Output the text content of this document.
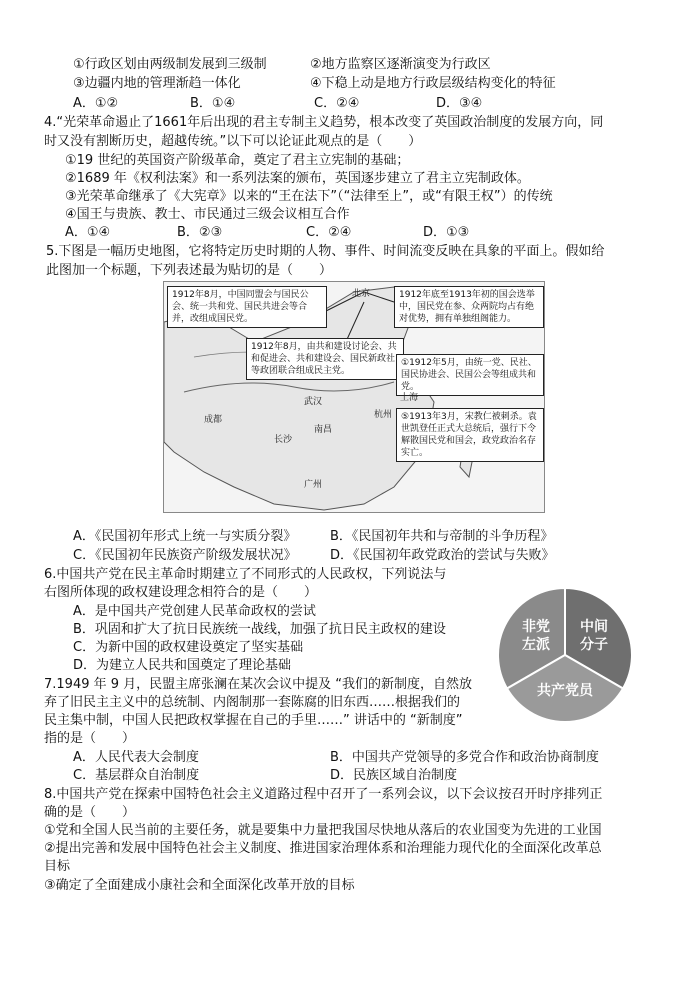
①行政区划由两级制发展到三级制	②地方监察区逐渐演变为行政区
③边疆内地的管理渐趋一体化	④下稳上动是地方行政层级结构变化的特征
A．①②	B．①④	C．②④	D．③④
4.“光荣革命遏止了1661年后出现的君主专制主义趋势，根本改变了英国政治制度的发展方向，同
时又没有割断历史，超越传统。”以下可以论证此观点的是（　　）
①19 世纪的英国资产阶级革命，奠定了君主立宪制的基础；
②1689 年《权利法案》和一系列法案的颁布，英国逐步建立了君主立宪制政体。
③光荣革命继承了《大宪章》以来的“王在法下”（“法律至上”，或“有限王权”）的传统
④国王与贵族、教士、市民通过三级会议相互合作
A．①④	B．②③	C．②④	D．①③
5.下图是一幅历史地图，它将特定历史时期的人物、事件、时间流变反映在具象的平面上。假如给
此图加一个标题，下列表述最为贴切的是（　　）
1912年8月，中国同盟会与国民公会、统一共和党、国民共进会等合并，改组成国民党。
1912年底至1913年初的国会选举中，国民党在参、众两院均占有绝对优势，拥有单独组阁能力。
1912年8月，由共和建设讨论会、共和促进会、共和建设会、国民新政社等政团联合组成民主党。
①1912年5月，由统一党、民社、国民协进会、民国公会等组成共和党。
⑤1913年3月，宋教仁被刺杀。袁世凯登任正式大总统后，强行下令解散国民党和国会，政党政治名存实亡。
北京
成都
长沙
南昌
广州
上海
武汉
杭州
A．《民国初年形式上统一与实质分裂》	B．《民国初年共和与帝制的斗争历程》
C．《民国初年民族资产阶级发展状况》	D．《民国初年政党政治的尝试与失败》
6.中国共产党在民主革命时期建立了不同形式的人民政权，下列说法与
右图所体现的政权建设理念相符合的是（　　）
A．是中国共产党创建人民革命政权的尝试
B．巩固和扩大了抗日民族统一战线，加强了抗日民主政权的建设
C．为新中国的政权建设奠定了坚实基础
D．为建立人民共和国奠定了理论基础
非党左派
中间分子
共产党员
7.1949 年 9 月，民盟主席张澜在某次会议中提及 “我们的新制度，自然放
弃了旧民主主义中的总统制、内阁制那一套陈腐的旧东西……根据我们的
民主集中制，中国人民把政权掌握在自己的手里……” 讲话中的 “新制度”
指的是（　　）
A．人民代表大会制度	B．中国共产党领导的多党合作和政治协商制度
C．基层群众自治制度	D．民族区域自治制度
8.中国共产党在探索中国特色社会主义道路过程中召开了一系列会议，以下会议按召开时序排列正
确的是（　　）
①党和全国人民当前的主要任务，就是要集中力量把我国尽快地从落后的农业国变为先进的工业国
②提出完善和发展中国特色社会主义制度、推进国家治理体系和治理能力现代化的全面深化改革总
目标
③确定了全面建成小康社会和全面深化改革开放的目标
